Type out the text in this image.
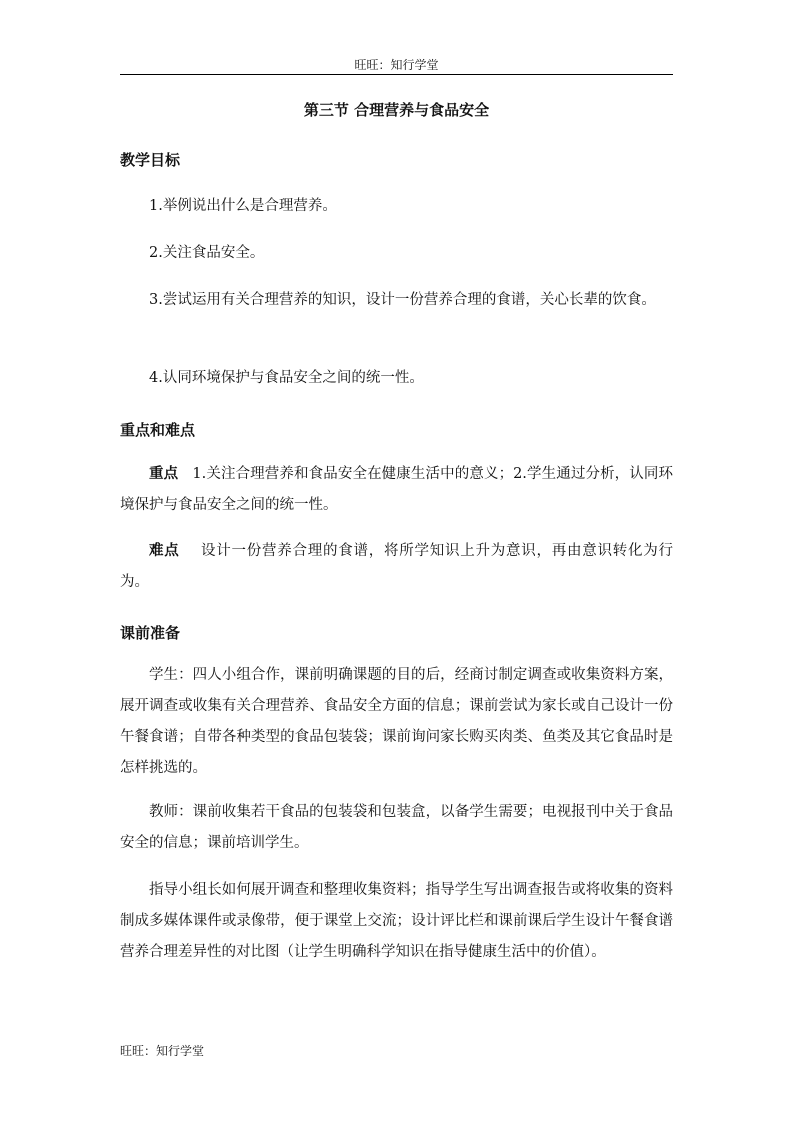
旺旺：知行学堂
第三节 合理营养与食品安全
教学目标
1.举例说出什么是合理营养。
2.关注食品安全。
3.尝试运用有关合理营养的知识，设计一份营养合理的食谱，关心长辈的饮食。
4.认同环境保护与食品安全之间的统一性。
重点和难点
重点 1.关注合理营养和食品安全在健康生活中的意义；2.学生通过分析，认同环境保护与食品安全之间的统一性。
难点 设计一份营养合理的食谱，将所学知识上升为意识，再由意识转化为行为。
课前准备
学生：四人小组合作，课前明确课题的目的后，经商讨制定调查或收集资料方案，展开调查或收集有关合理营养、食品安全方面的信息；课前尝试为家长或自己设计一份午餐食谱；自带各种类型的食品包装袋；课前询问家长购买肉类、鱼类及其它食品时是怎样挑选的。
教师：课前收集若干食品的包装袋和包装盒，以备学生需要；电视报刊中关于食品安全的信息；课前培训学生。
指导小组长如何展开调查和整理收集资料；指导学生写出调查报告或将收集的资料制成多媒体课件或录像带，便于课堂上交流；设计评比栏和课前课后学生设计午餐食谱营养合理差异性的对比图（让学生明确科学知识在指导健康生活中的价值）。
旺旺：知行学堂
